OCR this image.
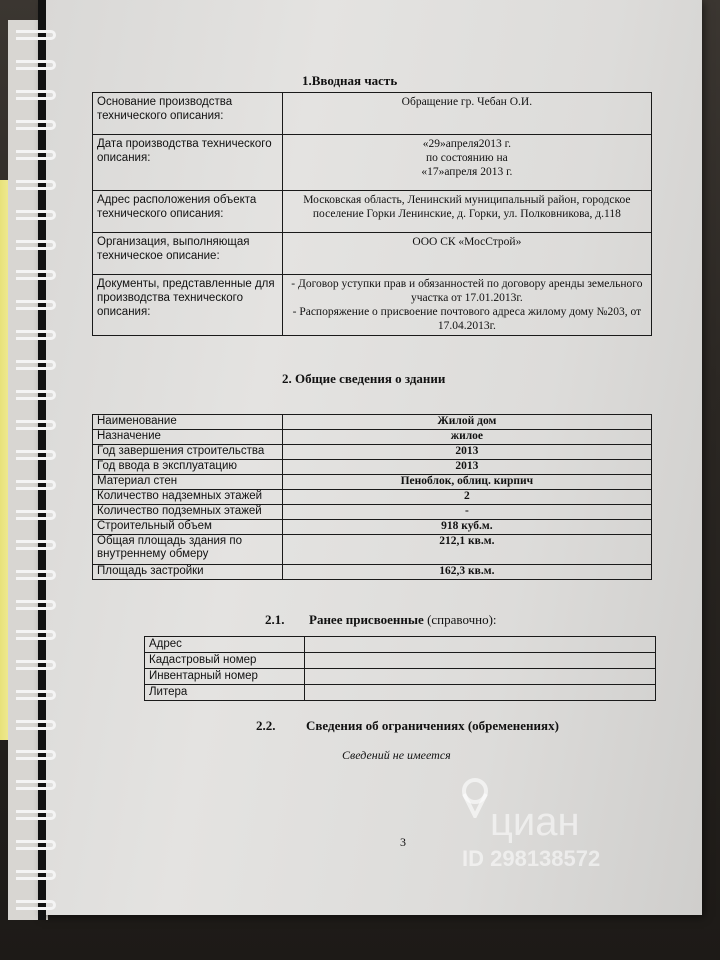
1.Вводная часть
Основание производства технического описания:	Обращение гр. Чебан О.И.
Дата производства технического описания:	«29»апреля2013 г.
по состоянию на
«17»апреля 2013 г.
Адрес расположения объекта технического описания:	Московская область, Ленинский муниципальный район, городское поселение Горки Ленинские, д. Горки, ул. Полковникова, д.118
Организация, выполняющая техническое описание:	ООО СК «МосСтрой»
Документы, представленные для производства технического описания:	- Договор уступки прав и обязанностей по договору аренды земельного участка от 17.01.2013г.
- Распоряжение о присвоение почтового адреса жилому дому №203, от 17.04.2013г.
2. Общие сведения о здании
Наименование	Жилой дом
Назначение	жилое
Год завершения строительства	2013
Год ввода в эксплуатацию	2013
Материал стен	Пеноблок, облиц. кирпич
Количество надземных этажей	2
Количество подземных этажей	-
Строительный объем	918 куб.м.
Общая площадь здания по внутреннему обмеру	212,1 кв.м.
Площадь застройки	162,3 кв.м.
2.1. Ранее присвоенные (справочно):
Адрес	
Кадастровый номер	
Инвентарный номер	
Литера	
2.2. Сведения об ограничениях (обременениях)
Сведений не имеется
3 циан
ID 298138572
